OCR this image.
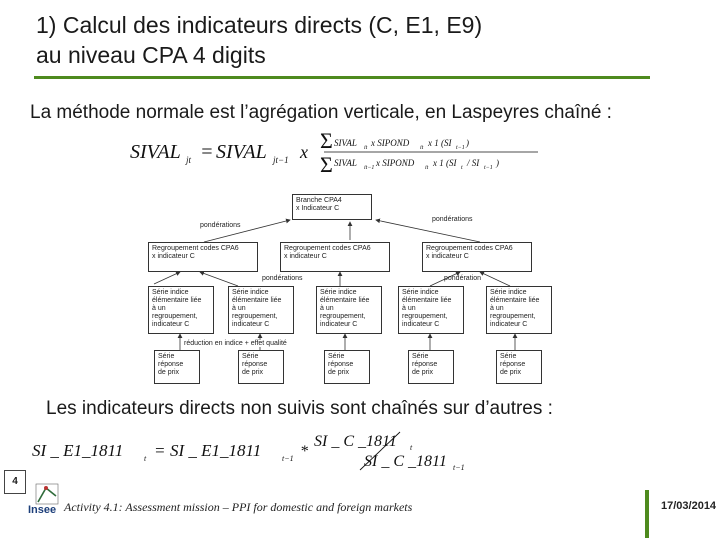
1) Calcul des indicateurs directs (C, E1, E9)
au niveau CPA 4 digits
La méthode normale est l’agrégation verticale, en Laspeyres chaîné :
SIVAL jt = SIVAL jt−1 x Σ SIVAL it x SIPOND it x 1 (SI t−1 )
Σ SIVAL it−1 x SIPOND it x 1 (SI t / SI t−1 )
Branche CPA4
x Indicateur C
pondérations
pondérations
Regroupement codes CPA6
x indicateur C
Regroupement codes CPA6
x indicateur C
Regroupement codes CPA6
x indicateur C
pondérations	pondération
Série indice
élémentaire liée
à un
regroupement,
indicateur C
Série indice
élémentaire liée
à un
regroupement,
indicateur C
Série indice
élémentaire liée
à un
regroupement,
indicateur C
Série indice
élémentaire liée
à un
regroupement,
indicateur C
Série indice
élémentaire liée
à un
regroupement,
indicateur C
réduction en indice + effet qualité
Série
réponse
de prix
Série
réponse
de prix
Série
réponse
de prix
Série
réponse
de prix
Série
réponse
de prix
Les indicateurs directs non suivis sont chaînés sur d’autres :
SI _ E1_1811	t = SI _ E1_1811	t−1 *
SI _ C _1811 t
SI _ C _1811 t−1
4
Insee Activity 4.1: Assessment mission – PPI for domestic and foreign markets	17/03/2014
